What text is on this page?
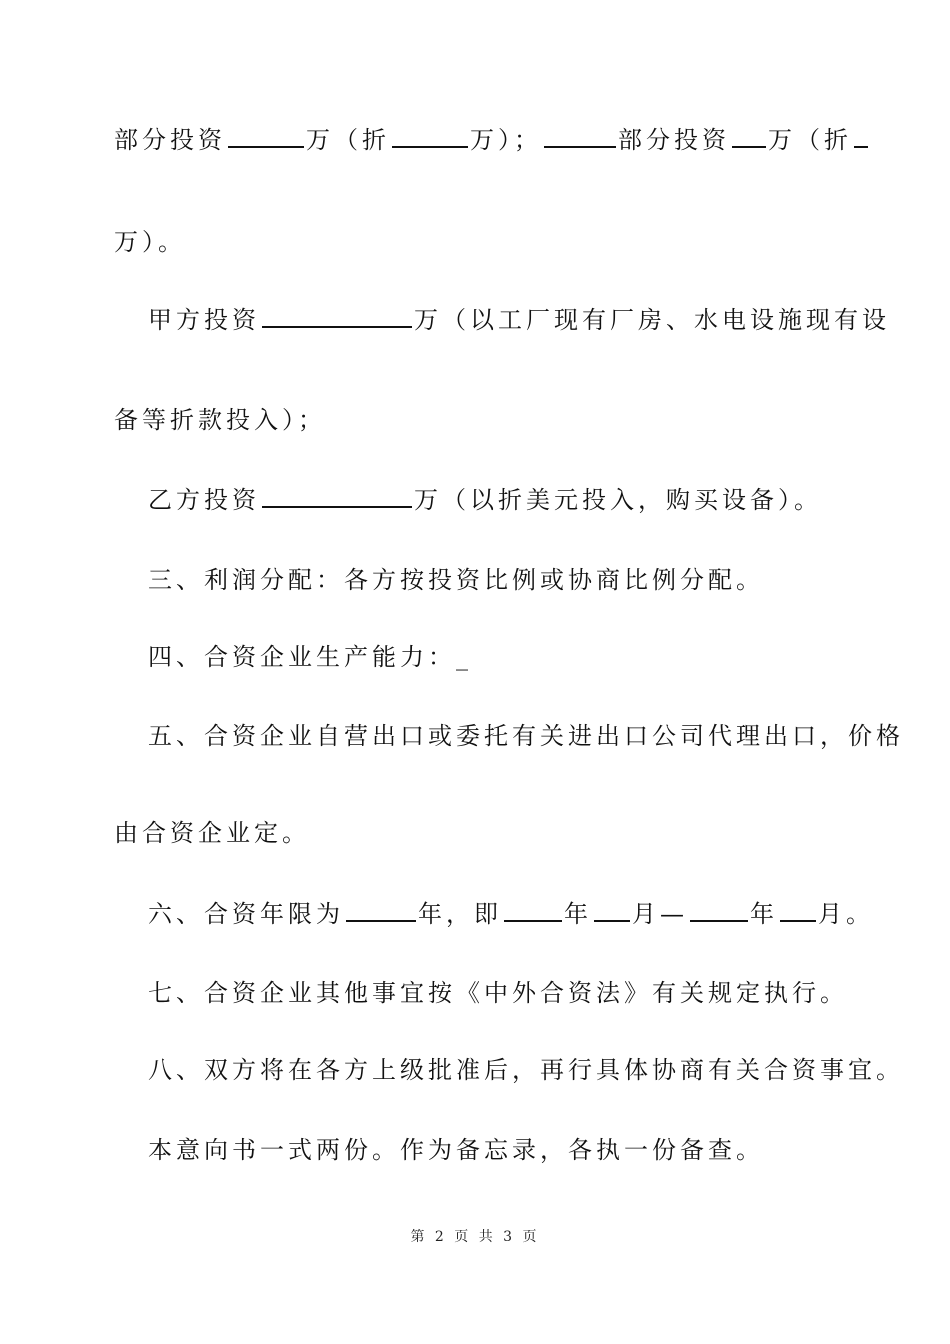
部分投资	万（折	万）；	部分投资 万（折
万）。
甲方投资	万（以工厂现有厂房、水电设施现有设
备等折款投入）；
乙方投资	万（以折美元投入，购买设备）。
三、利润分配：各方按投资比例或协商比例分配。
四、合资企业生产能力：_
五、合资企业自营出口或委托有关进出口公司代理出口，价格
由合资企业定。
六、合资年限为	年，即	年 月—	年 月。
七、合资企业其他事宜按《中外合资法》有关规定执行。
八、双方将在各方上级批准后，再行具体协商有关合资事宜。
本意向书一式两份。作为备忘录，各执一份备查。
第 2 页 共 3 页
